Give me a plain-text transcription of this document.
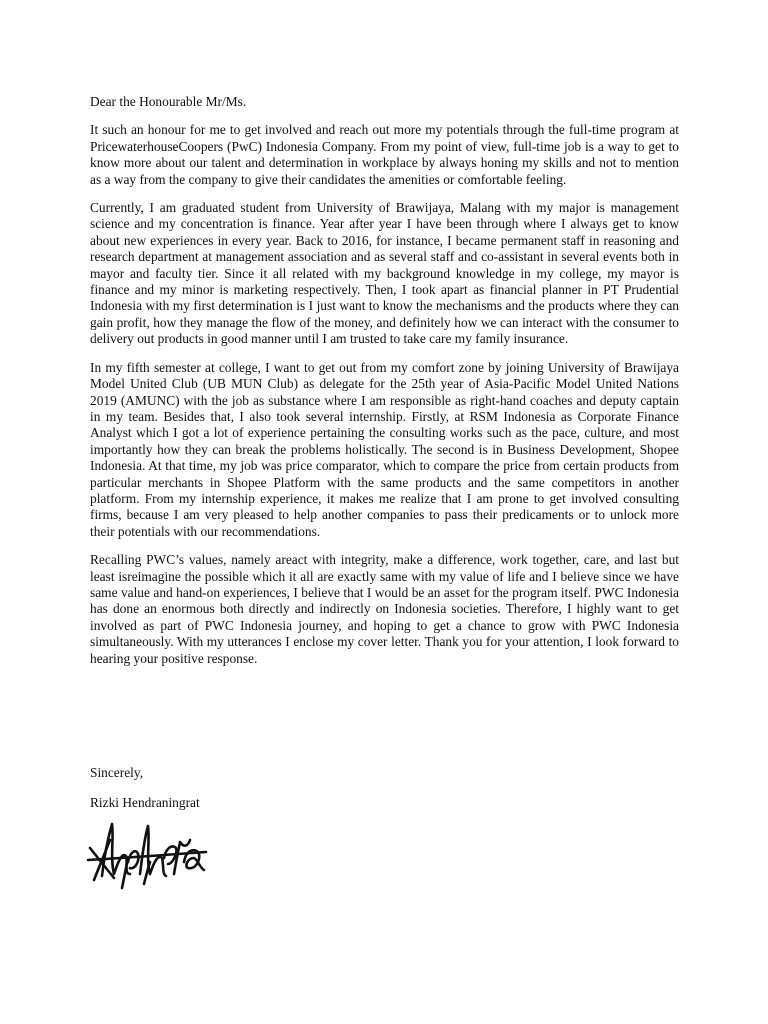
Dear the Honourable Mr/Ms.

It such an honour for me to get involved and reach out more my potentials through the full-time program at PricewaterhouseCoopers (PwC) Indonesia Company. From my point of view, full-time job is a way to get to know more about our talent and determination in workplace by always honing my skills and not to mention as a way from the company to give their candidates the amenities or comfortable feeling.

Currently, I am graduated student from University of Brawijaya, Malang with my major is management science and my concentration is finance. Year after year I have been through where I always get to know about new experiences in every year. Back to 2016, for instance, I became permanent staff in reasoning and research department at management association and as several staff and co-assistant in several events both in mayor and faculty tier. Since it all related with my background knowledge in my college, my mayor is finance and my minor is marketing respectively. Then, I took apart as financial planner in PT Prudential Indonesia with my first determination is I just want to know the mechanisms and the products where they can gain profit, how they manage the flow of the money, and definitely how we can interact with the consumer to delivery out products in good manner until I am trusted to take care my family insurance.

In my fifth semester at college, I want to get out from my comfort zone by joining University of Brawijaya Model United Club (UB MUN Club) as delegate for the 25th year of Asia-Pacific Model United Nations 2019 (AMUNC) with the job as substance where I am responsible as right-hand coaches and deputy captain in my team. Besides that, I also took several internship. Firstly, at RSM Indonesia as Corporate Finance Analyst which I got a lot of experience pertaining the consulting works such as the pace, culture, and most importantly how they can break the problems holistically. The second is in Business Development, Shopee Indonesia. At that time, my job was price comparator, which to compare the price from certain products from particular merchants in Shopee Platform with the same products and the same competitors in another platform. From my internship experience, it makes me realize that I am prone to get involved consulting firms, because I am very pleased to help another companies to pass their predicaments or to unlock more their potentials with our recommendations.

Recalling PWC’s values, namely areact with integrity, make a difference, work together, care, and last but least isreimagine the possible which it all are exactly same with my value of life and I believe since we have same value and hand-on experiences, I believe that I would be an asset for the program itself. PWC Indonesia has done an enormous both directly and indirectly on Indonesia societies. Therefore, I highly want to get involved as part of PWC Indonesia journey, and hoping to get a chance to grow with PWC Indonesia simultaneously. With my utterances I enclose my cover letter. Thank you for your attention, I look forward to hearing your positive response.

Sincerely,
Rizki Hendraningrat
